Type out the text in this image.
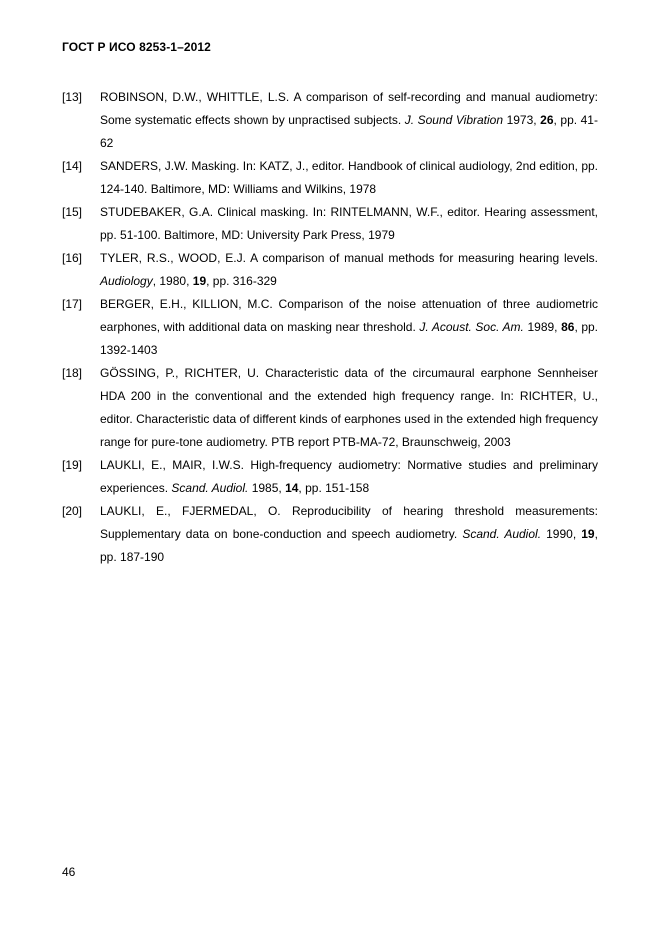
ГОСТ Р ИСО 8253-1–2012
[13]	ROBINSON, D.W., WHITTLE, L.S. A comparison of self-recording and manual audiometry: Some systematic effects shown by unpractised subjects. J. Sound Vibration 1973, 26, pp. 41-62
[14]	SANDERS, J.W. Masking. In: KATZ, J., editor. Handbook of clinical audiology, 2nd edition, pp. 124-140. Baltimore, MD: Williams and Wilkins, 1978
[15]	STUDEBAKER, G.A. Clinical masking. In: RINTELMANN, W.F., editor. Hearing assessment, pp. 51-100. Baltimore, MD: University Park Press, 1979
[16]	TYLER, R.S., WOOD, E.J. A comparison of manual methods for measuring hearing levels. Audiology, 1980, 19, pp. 316-329
[17]	BERGER, E.H., KILLION, M.C. Comparison of the noise attenuation of three audiometric earphones, with additional data on masking near threshold. J. Acoust. Soc. Am. 1989, 86, pp. 1392-1403
[18]	GÖSSING, P., RICHTER, U. Characteristic data of the circumaural earphone Sennheiser HDA 200 in the conventional and the extended high frequency range. In: RICHTER, U., editor. Characteristic data of different kinds of earphones used in the extended high frequency range for pure-tone audiometry. PTB report PTB-MA-72, Braunschweig, 2003
[19]	LAUKLI, E., MAIR, I.W.S. High-frequency audiometry: Normative studies and preliminary experiences. Scand. Audiol. 1985, 14, pp. 151-158
[20]	LAUKLI, E., FJERMEDAL, O. Reproducibility of hearing threshold measurements: Supplementary data on bone-conduction and speech audiometry. Scand. Audiol. 1990, 19, pp. 187-190
46
